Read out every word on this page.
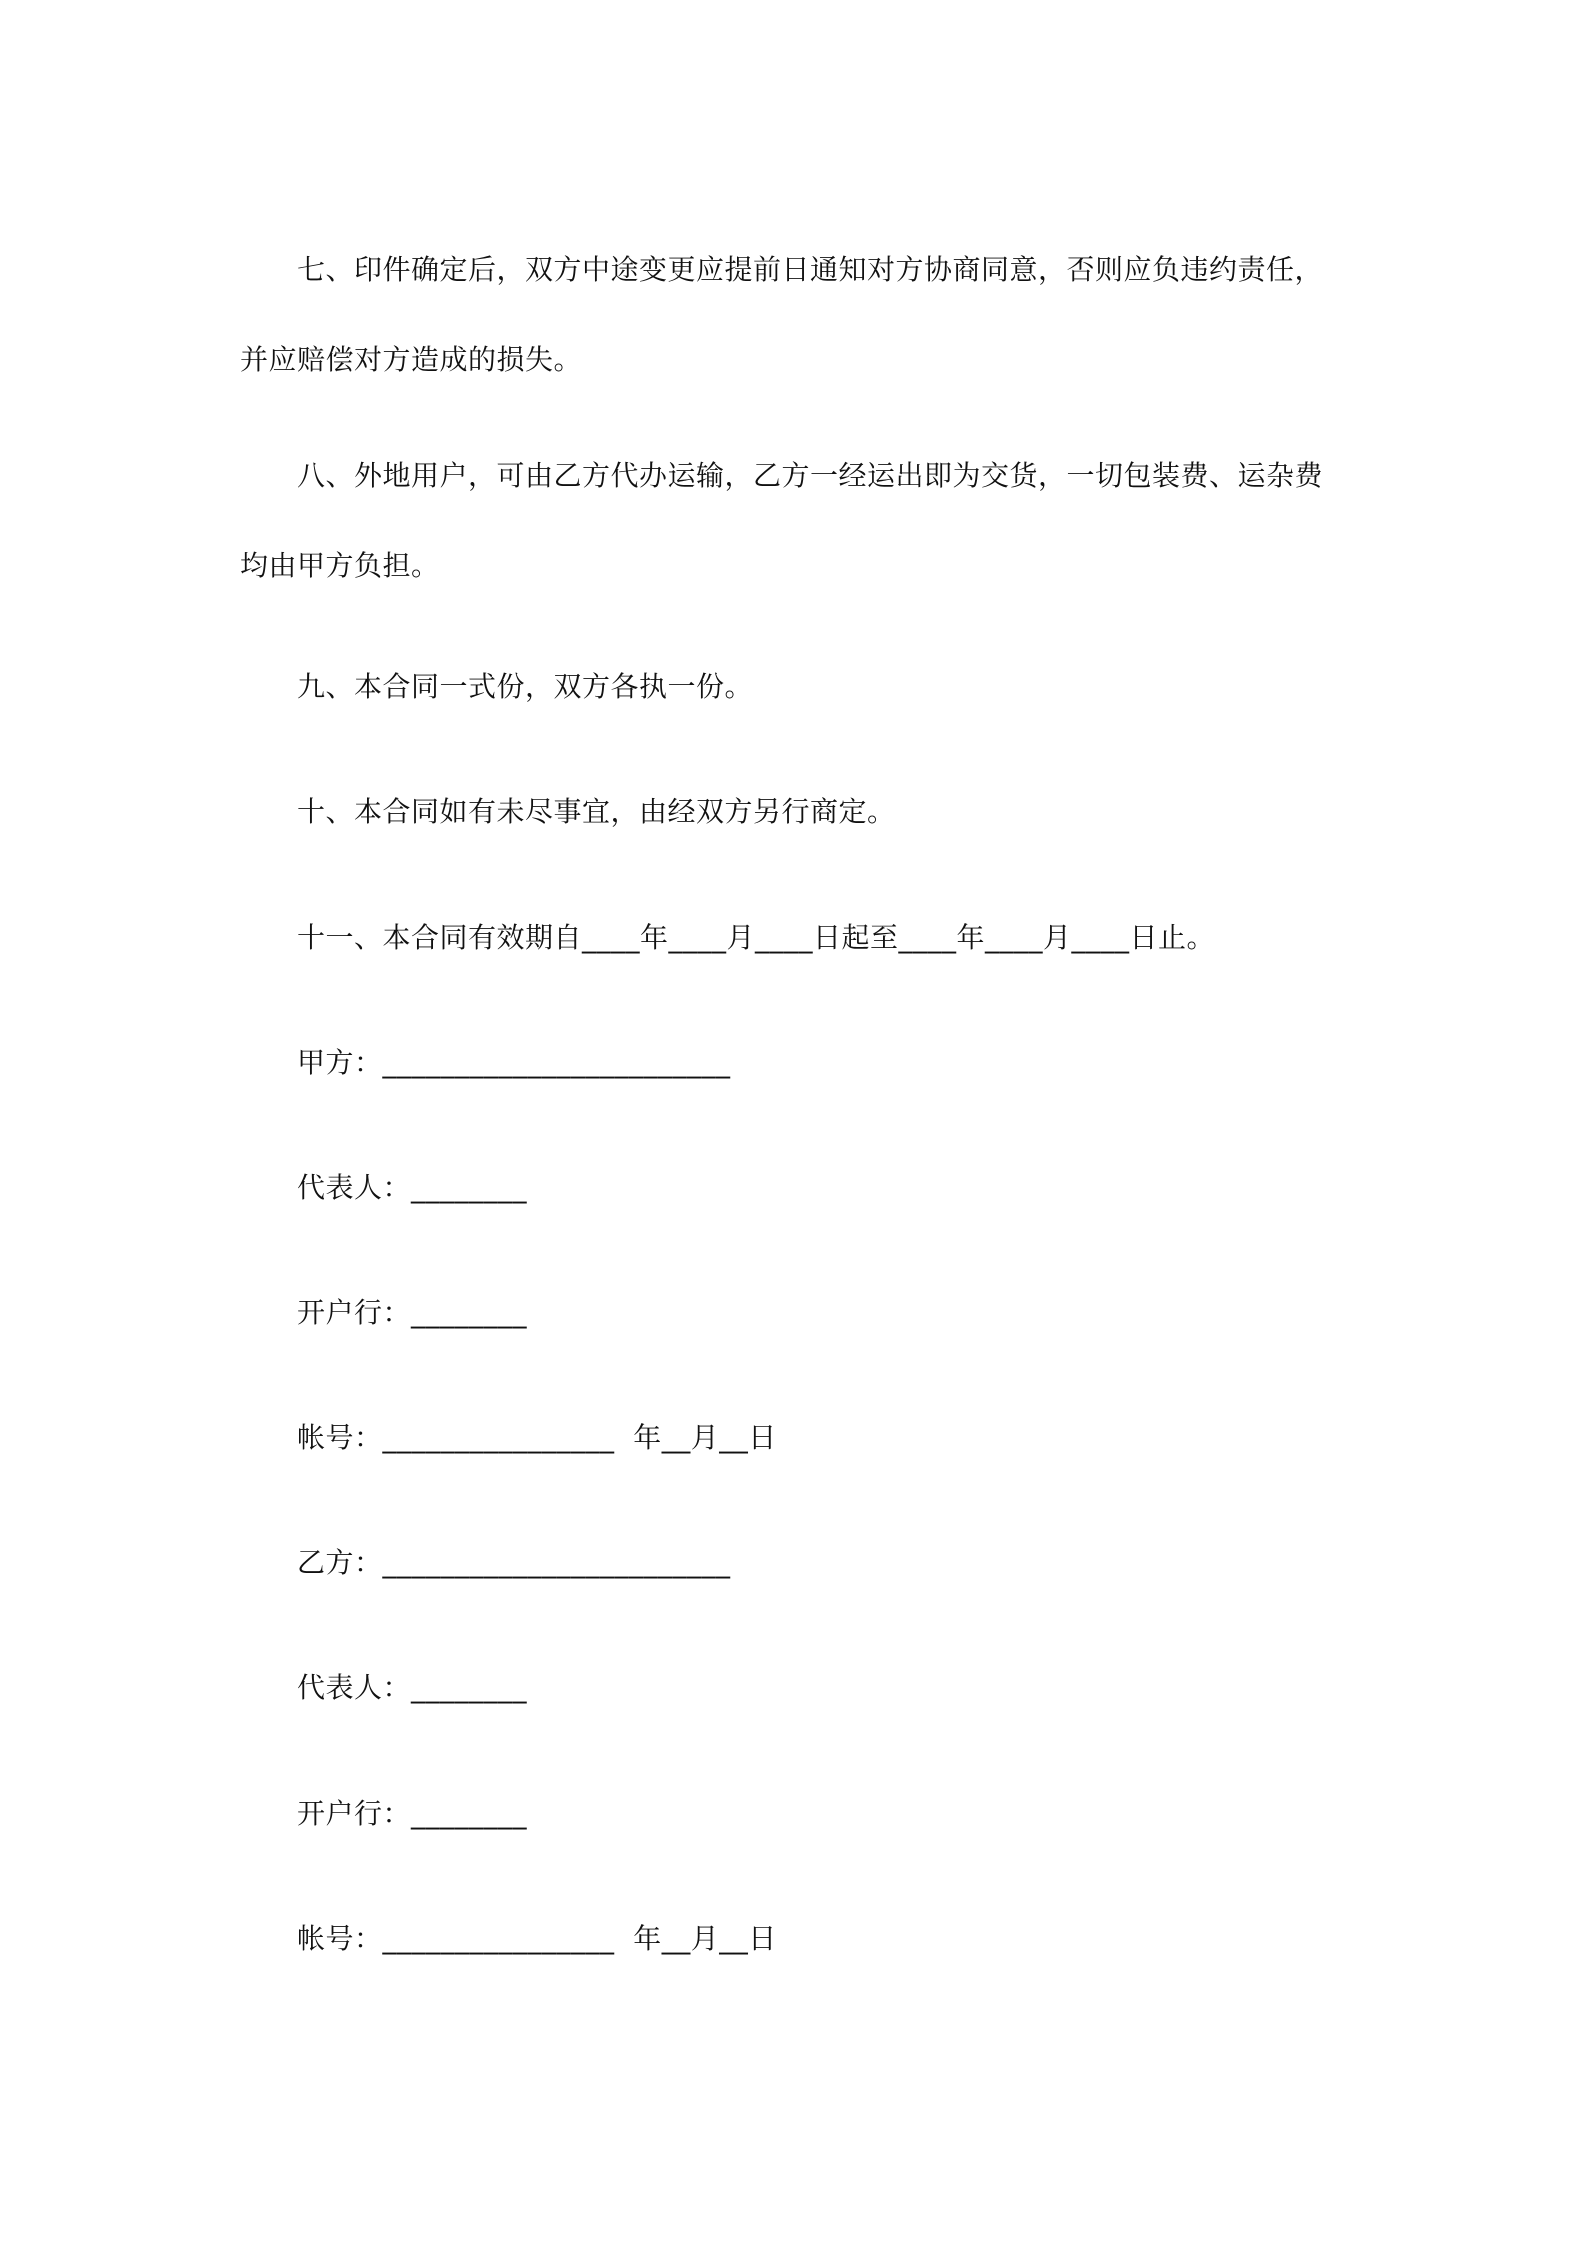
七、印件确定后，双方中途变更应提前日通知对方协商同意，否则应负违约责任，并应赔偿对方造成的损失。

八、外地用户，可由乙方代办运输，乙方一经运出即为交货，一切包装费、运杂费均由甲方负担。

九、本合同一式份，双方各执一份。
十、本合同如有未尽事宜，由经双方另行商定。
十一、本合同有效期自____年____月____日起至____年____月____日止。
甲方：________________________
代表人：________
开户行：________
帐号：________________  年__月__日
乙方：________________________
代表人：________
开户行：________
帐号：________________  年__月__日
